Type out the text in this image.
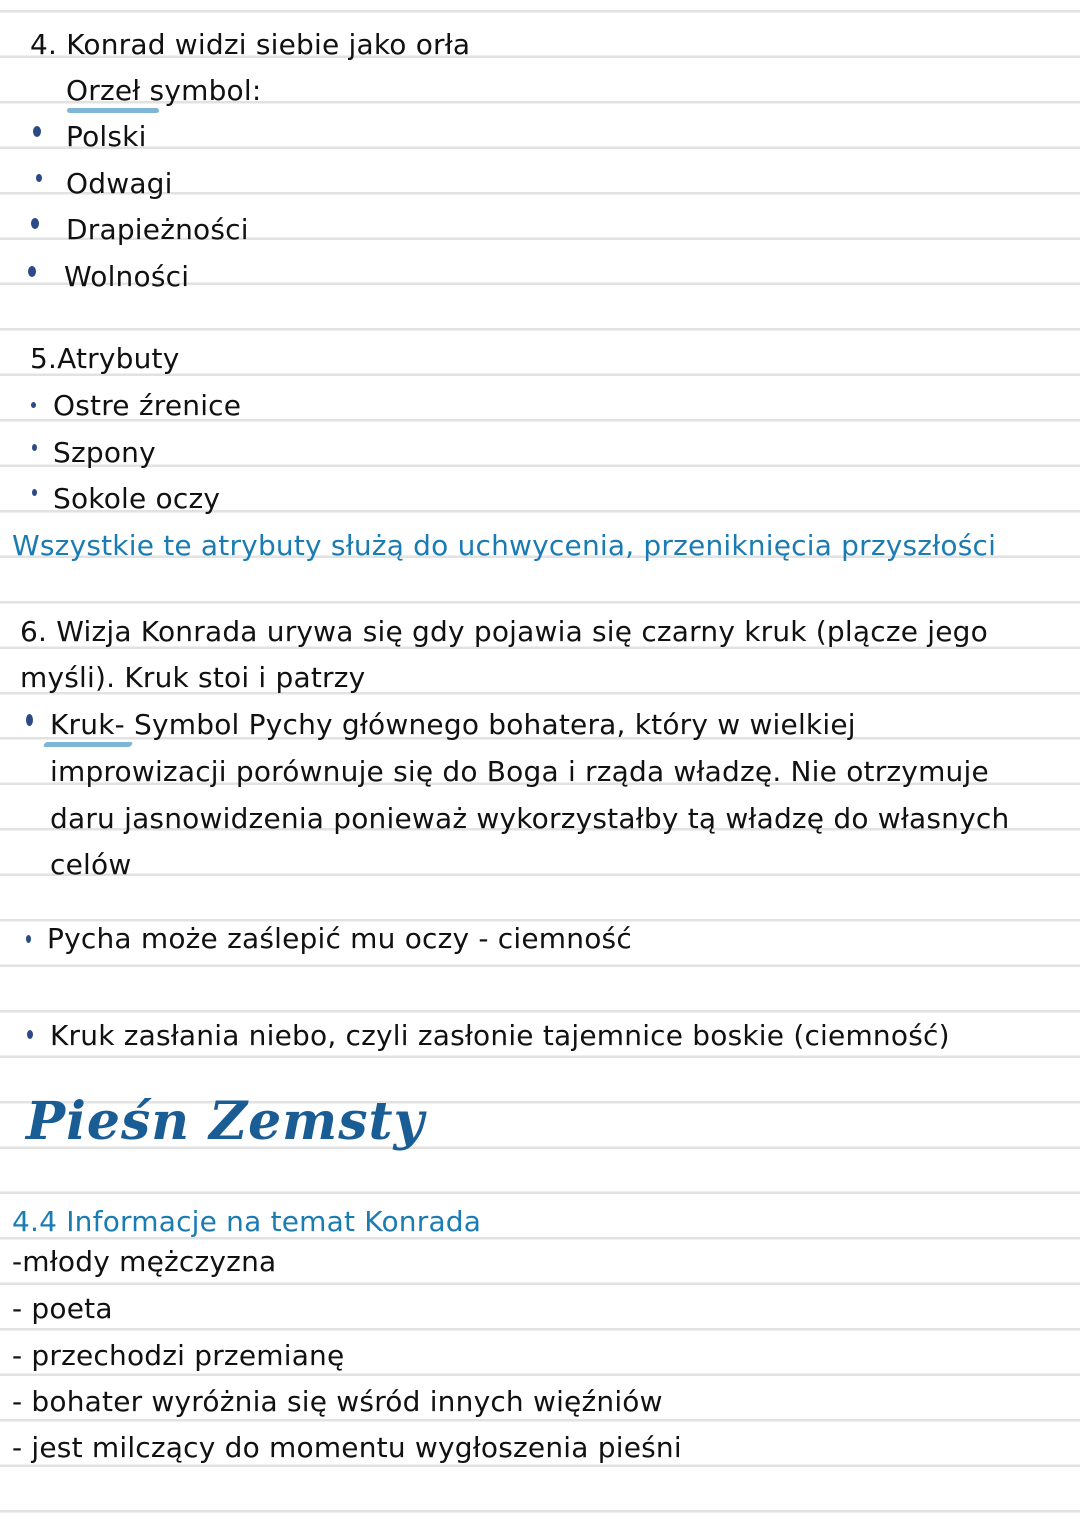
4. Konrad widzi siebie jako orła
Orzeł symbol:
Polski
Odwagi
Drapieżności
Wolności
5.Atrybuty
Ostre źrenice
Szpony
Sokole oczy
Wszystkie te atrybuty służą do uchwycenia, przeniknięcia przyszłości
6. Wizja Konrada urywa się gdy pojawia się czarny kruk (plącze jego
myśli). Kruk stoi i patrzy
Kruk- Symbol Pychy głównego bohatera, który w wielkiej
improwizacji porównuje się do Boga i rząda władzę. Nie otrzymuje
daru jasnowidzenia ponieważ wykorzystałby tą władzę do własnych
celów
Pycha może zaślepić mu oczy - ciemność
Kruk zasłania niebo, czyli zasłonie tajemnice boskie (ciemność)
Pieśn Zemsty
4.4 Informacje na temat Konrada
-młody mężczyzna
- poeta
- przechodzi przemianę
- bohater wyróżnia się wśród innych więźniów
- jest milczący do momentu wygłoszenia pieśni
